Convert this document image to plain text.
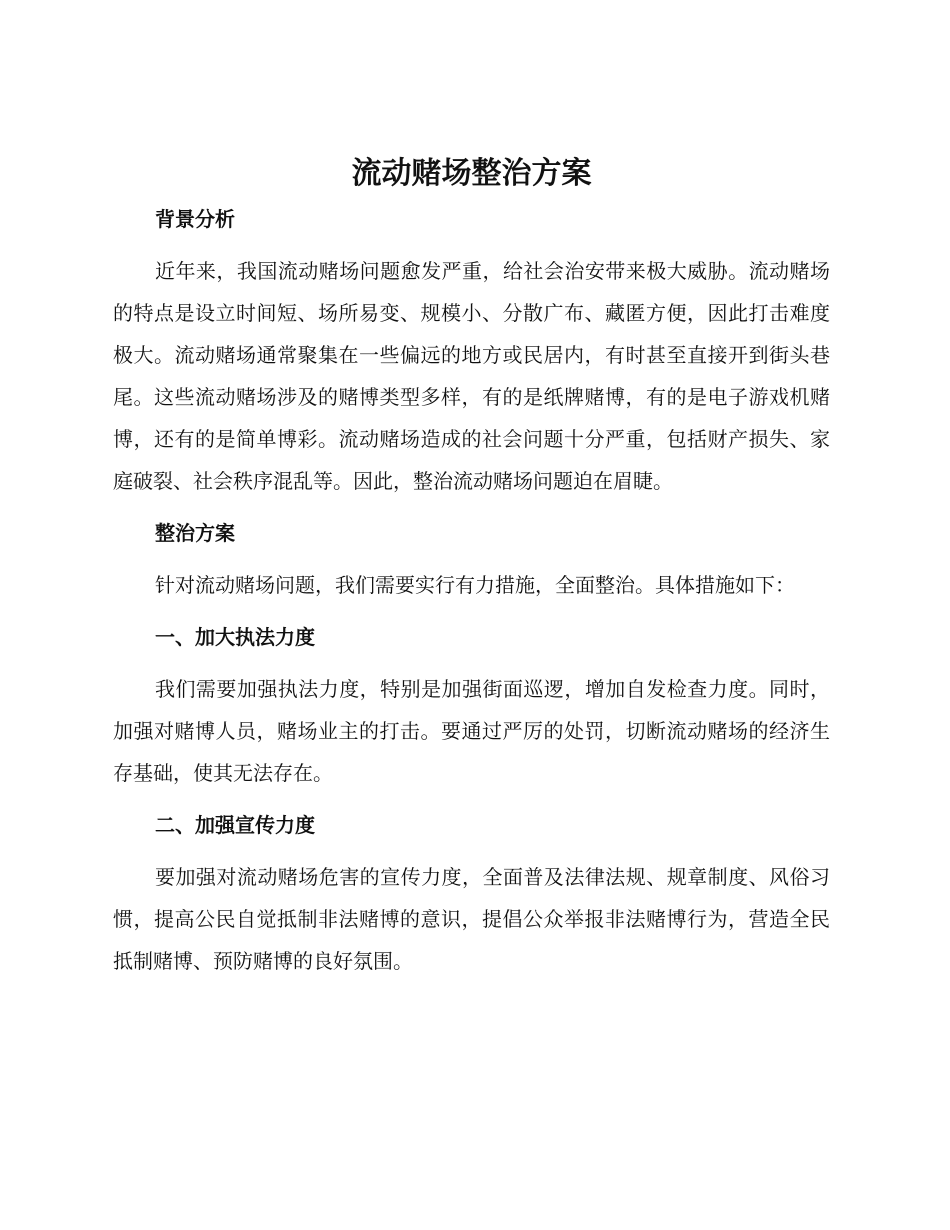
流动赌场整治方案
背景分析

近年来，我国流动赌场问题愈发严重，给社会治安带来极大威胁。流动赌场的特点是设立时间短、场所易变、规模小、分散广布、藏匿方便，因此打击难度极大。流动赌场通常聚集在一些偏远的地方或民居内，有时甚至直接开到街头巷尾。这些流动赌场涉及的赌博类型多样，有的是纸牌赌博，有的是电子游戏机赌博，还有的是简单博彩。流动赌场造成的社会问题十分严重，包括财产损失、家庭破裂、社会秩序混乱等。因此，整治流动赌场问题迫在眉睫。

整治方案

针对流动赌场问题，我们需要实行有力措施，全面整治。具体措施如下：

一、加大执法力度

我们需要加强执法力度，特别是加强街面巡逻，增加自发检查力度。同时，加强对赌博人员，赌场业主的打击。要通过严厉的处罚，切断流动赌场的经济生存基础，使其无法存在。

二、加强宣传力度

要加强对流动赌场危害的宣传力度，全面普及法律法规、规章制度、风俗习惯，提高公民自觉抵制非法赌博的意识，提倡公众举报非法赌博行为，营造全民抵制赌博、预防赌博的良好氛围。
